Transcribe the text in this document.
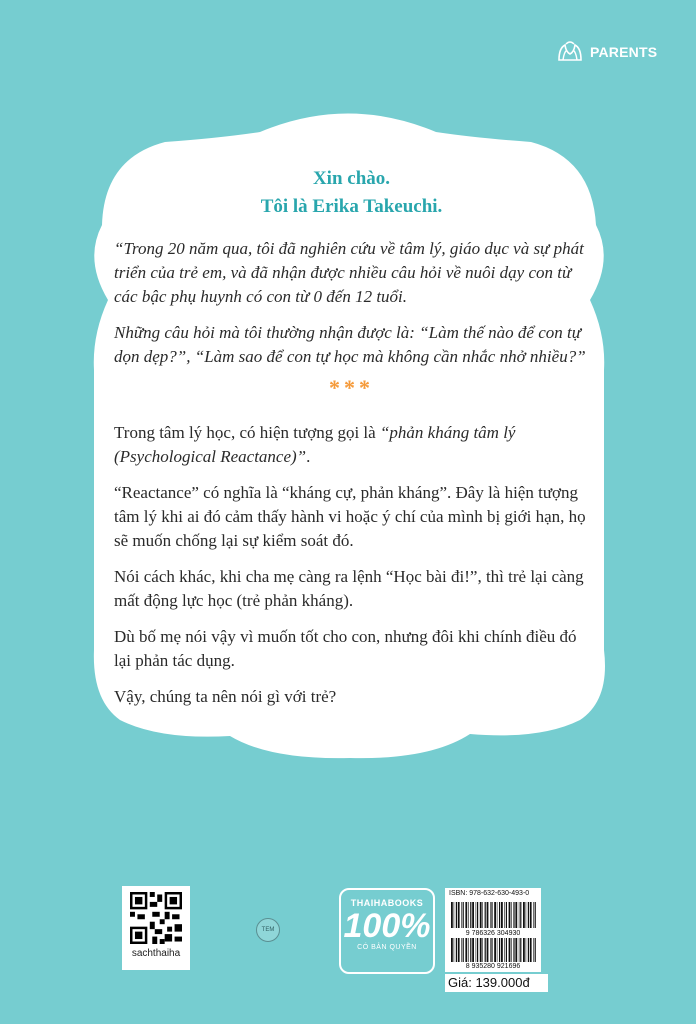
PARENTS
Xin chào.
Tôi là Erika Takeuchi.

“Trong 20 năm qua, tôi đã nghiên cứu về tâm lý, giáo dục và sự phát triển của trẻ em, và đã nhận được nhiều câu hỏi về nuôi dạy con từ các bậc phụ huynh có con từ 0 đến 12 tuổi.

Những câu hỏi mà tôi thường nhận được là: “Làm thế nào để con tự dọn dẹp?”, “Làm sao để con tự học mà không cần nhắc nhở nhiều?”

***

Trong tâm lý học, có hiện tượng gọi là “phản kháng tâm lý (Psychological Reactance)”.

“Reactance” có nghĩa là “kháng cự, phản kháng”. Đây là hiện tượng tâm lý khi ai đó cảm thấy hành vi hoặc ý chí của mình bị giới hạn, họ sẽ muốn chống lại sự kiểm soát đó.

Nói cách khác, khi cha mẹ càng ra lệnh “Học bài đi!”, thì trẻ lại càng mất động lực học (trẻ phản kháng).

Dù bố mẹ nói vậy vì muốn tốt cho con, nhưng đôi khi chính điều đó lại phản tác dụng.

Vậy, chúng ta nên nói gì với trẻ?

sachthaiha
TEM
THAIHABOOKS
100%
CÓ BẢN QUYỀN
ISBN: 978-632-630-493-0
9 786326 304930
8 935280 921696
Giá: 139.000đ
